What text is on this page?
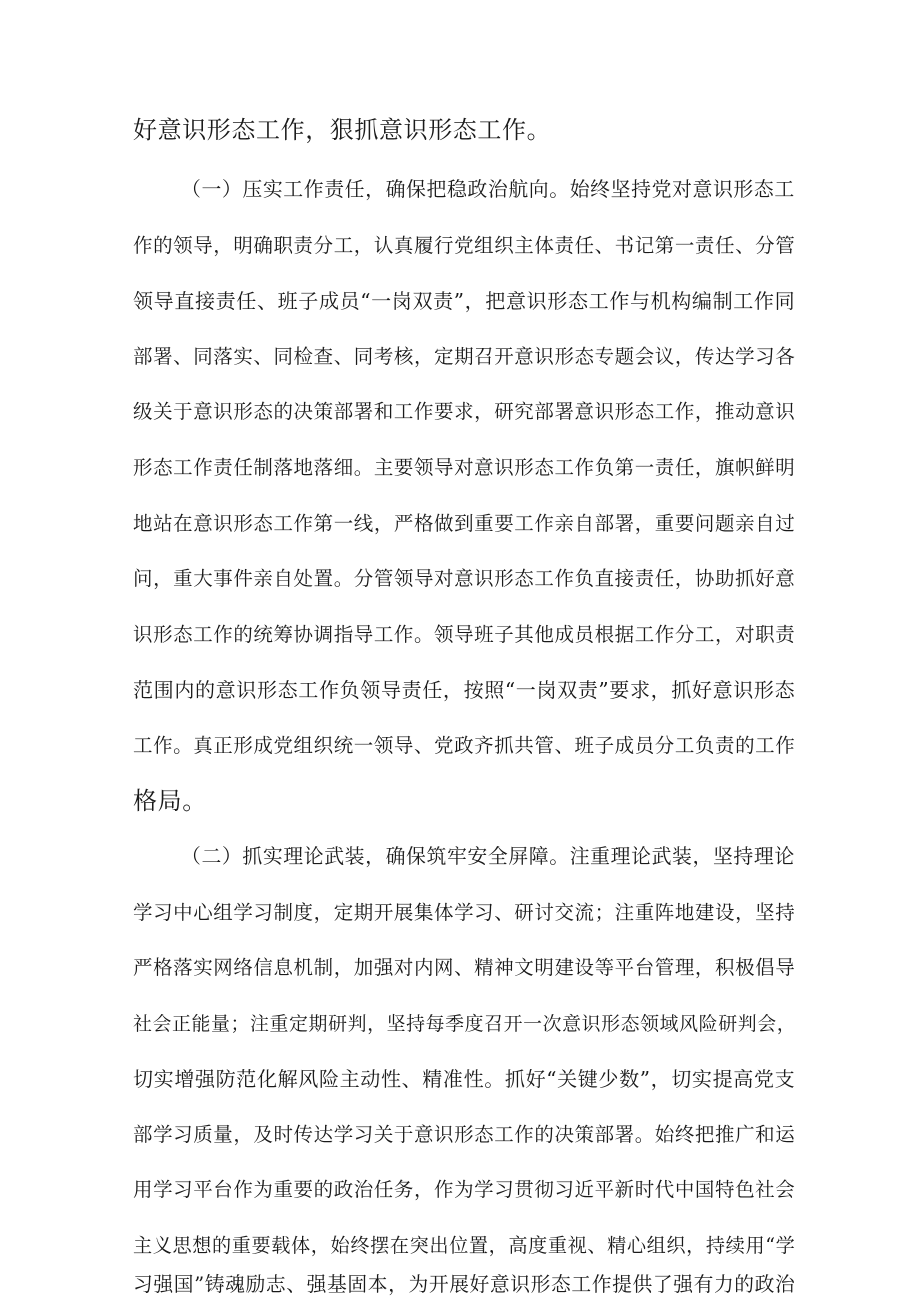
好意识形态工作，狠抓意识形态工作。
（一）压实工作责任，确保把稳政治航向。始终坚持党对意识形态工
作的领导，明确职责分工，认真履行党组织主体责任、书记第一责任、分管
领导直接责任、班子成员“一岗双责”，把意识形态工作与机构编制工作同
部署、同落实、同检查、同考核，定期召开意识形态专题会议，传达学习各
级关于意识形态的决策部署和工作要求，研究部署意识形态工作，推动意识
形态工作责任制落地落细。主要领导对意识形态工作负第一责任，旗帜鲜明
地站在意识形态工作第一线，严格做到重要工作亲自部署，重要问题亲自过
问，重大事件亲自处置。分管领导对意识形态工作负直接责任，协助抓好意
识形态工作的统筹协调指导工作。领导班子其他成员根据工作分工，对职责
范围内的意识形态工作负领导责任，按照“一岗双责”要求，抓好意识形态
工作。真正形成党组织统一领导、党政齐抓共管、班子成员分工负责的工作
格局。
（二）抓实理论武装，确保筑牢安全屏障。注重理论武装，坚持理论
学习中心组学习制度，定期开展集体学习、研讨交流；注重阵地建设，坚持
严格落实网络信息机制，加强对内网、精神文明建设等平台管理，积极倡导
社会正能量；注重定期研判，坚持每季度召开一次意识形态领域风险研判会，
切实增强防范化解风险主动性、精准性。抓好“关键少数”，切实提高党支
部学习质量，及时传达学习关于意识形态工作的决策部署。始终把推广和运
用学习平台作为重要的政治任务，作为学习贯彻习近平新时代中国特色社会
主义思想的重要载体，始终摆在突出位置，高度重视、精心组织，持续用“学
习强国”铸魂励志、强基固本，为开展好意识形态工作提供了强有力的政治
